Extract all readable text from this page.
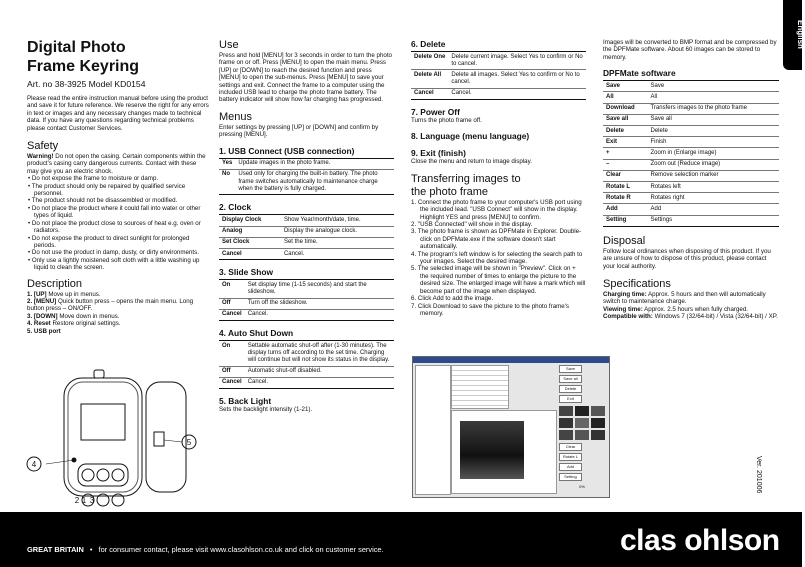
English
Ver. 201006
Digital Photo
Frame Keyring
Art. no 38-3925 Model KD0154

Please read the entire instruction manual before using the product and save it for future reference. We reserve the right for any errors in text or images and any necessary changes made to technical data. If you have any questions regarding technical problems please contact Customer Services.

Safety

Warning! Do not open the casing. Certain components within the product's casing carry dangerous currents. Contact with these may give you an electric shock.

• Do not expose the frame to moisture or damp.
• The product should only be repaired by qualified service personnel.
• The product should not be disassembled or modified.
• Do not place the product where it could fall into water or other types of liquid.
• Do not place the product close to sources of heat e.g. oven or radiators.
• Do not expose the product to direct sunlight for prolonged periods.
• Do not use the product in damp, dusty, or dirty environments.
• Only use a lightly moistened soft cloth with a little washing up liquid to clean the screen.
Description

1. [UP] Move up in menus.

2. [MENU] Quick button press – opens the main menu. Long button press – ON/OFF.

3. [DOWN] Move down in menus.

4. Reset Restore original settings.

5. USB port

4
5
2 1 3
Use

Press and hold [MENU] for 3 seconds in order to turn the photo frame on or off. Press [MENU] to open the main menu. Press [UP] or [DOWN] to reach the desired function and press [MENU] to open the sub-menus. Press [MENU] to save your settings and exit. Connect the frame to a computer using the included USB lead to charge the photo frame battery. The battery indicator will show how far charging has progressed.

Menus

Enter settings by pressing [UP] or [DOWN] and confirm by pressing [MENU].

1. USB Connect (USB connection)
Yes	Update images in the photo frame.
No	Used only for charging the built-in battery. The photo frame switches automatically to maintenance charge when the battery is fully charged.
2. Clock
Display Clock	Show Year/month/date, time.
Analog	Display the analogue clock.
Set Clock	Set the time.
Cancel	Cancel.
3. Slide Show
On	Set display time (1-15 seconds) and start the slideshow.
Off	Turn off the slideshow.
Cancel	Cancel.
4. Auto Shut Down
On	Settable automatic shut-off after (1-30 minutes). The display turns off according to the set time. Charging will continue but will not show its status in the display.
Off	Automatic shut-off disabled.
Cancel	Cancel.
5. Back Light

Sets the backlight intensity (1-21).

6. Delete
Delete One	Delete current image. Select Yes to confirm or No to cancel.
Delete All	Delete all images. Select Yes to confirm or No to cancel.
Cancel	Cancel.
7. Power Off

Turns the photo frame off.

8. Language (menu language)
9. Exit (finish)

Close the menu and return to image display.

Transferring images to
the photo frame
1. Connect the photo frame to your computer's USB port using the included lead. "USB Connect" will show in the display. Highlight YES and press [MENU] to confirm.
2. "USB Connected" will show in the display.
3. The photo frame is shown as DPFMate in Explorer. Double-click on DPFMate.exe if the software doesn't start automatically.
4. The program's left window is for selecting the search path to your images. Select the desired image.
5. The selected image will be shown in "Preview". Click on + the required number of times to enlarge the picture to the desired size. The enlarged image will have a mark which will become part of the image when displayed.
6. Click Add to add the image.
7. Click Download to save the picture to the photo frame's memory.
Save
Save all
Delete
Exit
Clear
Rotate L
Add
Setting
0%

Images will be converted to BMP format and be compressed by the DPFMate software. About 60 images can be stored to memory.

DPFMate software
Save	Save
All	All
Download	Transfers images to the photo frame
Save all	Save all
Delete	Delete
Exit	Finish
+	Zoom in (Enlarge image)
–	Zoom out (Reduce image)
Clear	Remove selection marker
Rotate L	Rotates left
Rotate R	Rotates right
Add	Add
Setting	Settings
Disposal

Follow local ordinances when disposing of this product. If you are unsure of how to dispose of this product, please contact your local authority.

Specifications

Charging time: Approx. 5 hours and then will automatically switch to maintenance charge.

Viewing time: Approx. 2.5 hours when fully charged.

Compatible with: Windows 7 (32/64-bit) / Vista (32/64-bit) / XP.

GREAT BRITAIN • for consumer contact, please visit www.clasohlson.co.uk and click on customer service.	clas ohlson
